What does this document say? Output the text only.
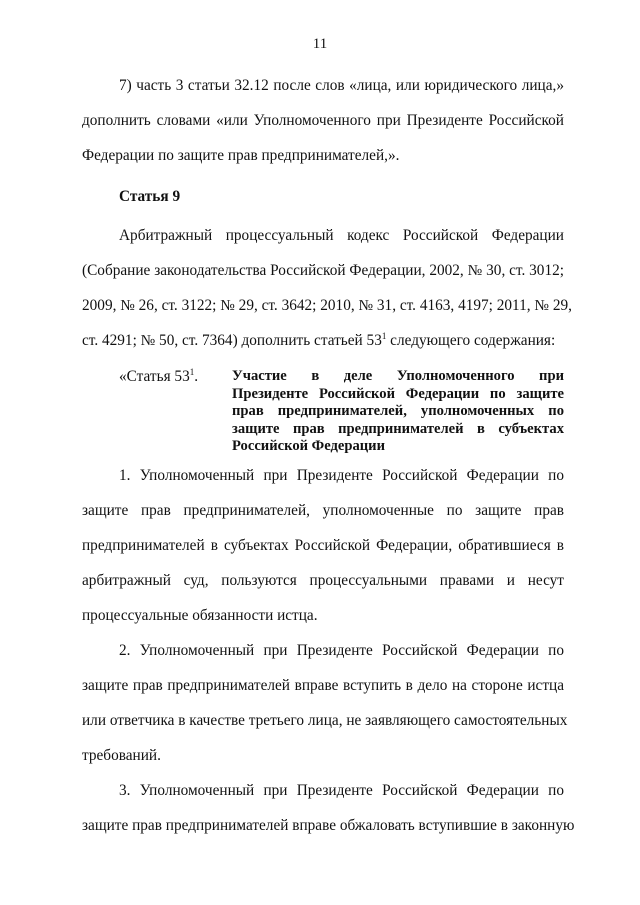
11

7) часть 3 статьи 32.12 после слов «лица, или юридического лица,»
дополнить словами «или Уполномоченного при Президенте Российской
Федерации по защите прав предпринимателей,».

Статья 9

Арбитражный процессуальный кодекс Российской Федерации
(Собрание законодательства Российской Федерации, 2002, № 30, ст. 3012;
2009, № 26, ст. 3122; № 29, ст. 3642; 2010, № 31, ст. 4163, 4197; 2011, № 29,
ст. 4291; № 50, ст. 7364) дополнить статьей $53^1$ следующего содержания:

«Статья $53^1$. Участие в деле Уполномоченного при
Президенте Российской Федерации по защите
прав предпринимателей, уполномоченных по
защите прав предпринимателей в субъектах
Российской Федерации

1. Уполномоченный при Президенте Российской Федерации по
защите прав предпринимателей, уполномоченные по защите прав
предпринимателей в субъектах Российской Федерации, обратившиеся в
арбитражный суд, пользуются процессуальными правами и несут
процессуальные обязанности истца.

2. Уполномоченный при Президенте Российской Федерации по
защите прав предпринимателей вправе вступить в дело на стороне истца
или ответчика в качестве третьего лица, не заявляющего самостоятельных
требований.

3. Уполномоченный при Президенте Российской Федерации по
защите прав предпринимателей вправе обжаловать вступившие в законную
